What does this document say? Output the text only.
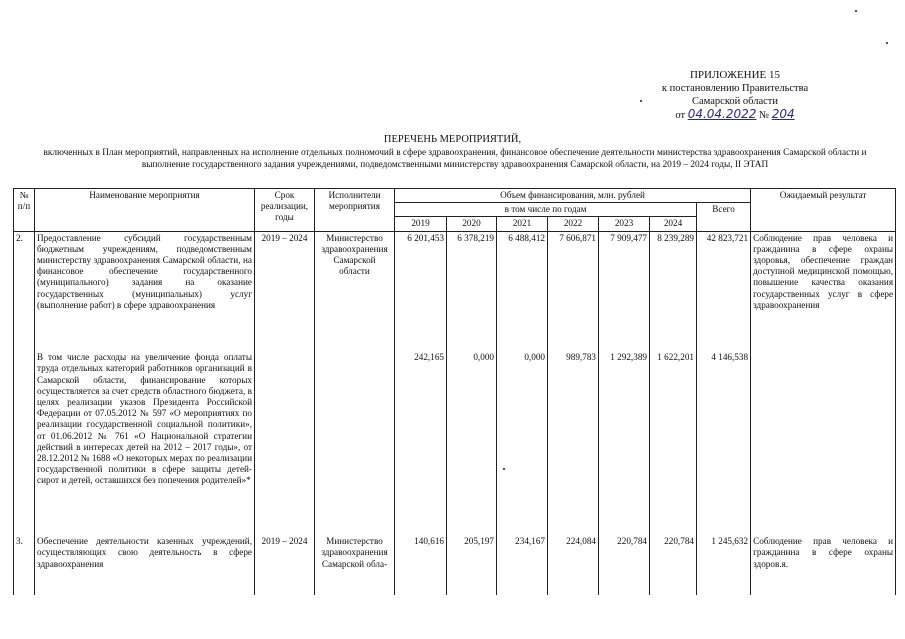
ПРИЛОЖЕНИЕ 15
к постановлению Правительства
Самарской области
от 04.04.2022 № 204
ПЕРЕЧЕНЬ МЕРОПРИЯТИЙ,
включенных в План мероприятий, направленных на исполнение отдельных полномочий в сфере здравоохранения, финансовое обеспечение деятельности министерства здравоохранения Самарской области и выполнение государственного задания учреждениями, подведомственными министерству здравоохранения Самарской области, на 2019 – 2024 годы, II ЭТАП
№ п/п	Наименование мероприятия	Срок реализации, годы	Исполнители мероприятия	Объем финансирования, млн. рублей							Ожидаемый результат
				в том числе по годам						Всего	
				2019	2020	2021	2022	2023	2024		
2.	Предоставление субсидий государственным бюджетным учреждениям, подведомственным министерству здравоохранения Самарской области, на финансовое обеспечение государственного (муниципального) задания на оказание государственных (муниципальных) услуг (выполнение работ) в сфере здравоохранения	2019 – 2024	Министерство здравоохранения Самарской области	6 201,453	6 378,219	6 488,412	7 606,871	7 909,477	8 239,289	42 823,721	Соблюдение прав человека и гражданина в сфере охраны здоровья, обеспечение граждан доступной медицинской помощью, повышение качества оказания государственных услуг в сфере здравоохранения
	В том числе расходы на увеличение фонда оплаты труда отдельных категорий работников организаций в Самарской области, финансирование которых осуществляется за счет средств областного бюджета, в целях реализации указов Президента Российской Федерации от 07.05.2012 № 597 «О мероприятиях по реализации государственной социальной политики», от 01.06.2012 № 761 «О Национальной стратегии действий в интересах детей на 2012 – 2017 годы», от 28.12.2012 № 1688 «О некоторых мерах по реализации государственной политики в сфере защиты детей-сирот и детей, оставшихся без попечения родителей»*			242,165	0,000	0,000	989,783	1 292,389	1 622,201	4 146,538	
3.	Обеспечение деятельности казенных учреждений, осуществляющих свою деятельность в сфере здравоохранения	2019 – 2024	Министерство здравоохранения Самарской обла-	140,616	205,197	234,167	224,084	220,784	220,784	1 245,632	Соблюдение прав человека и гражданина в сфере охраны здоров.я.
